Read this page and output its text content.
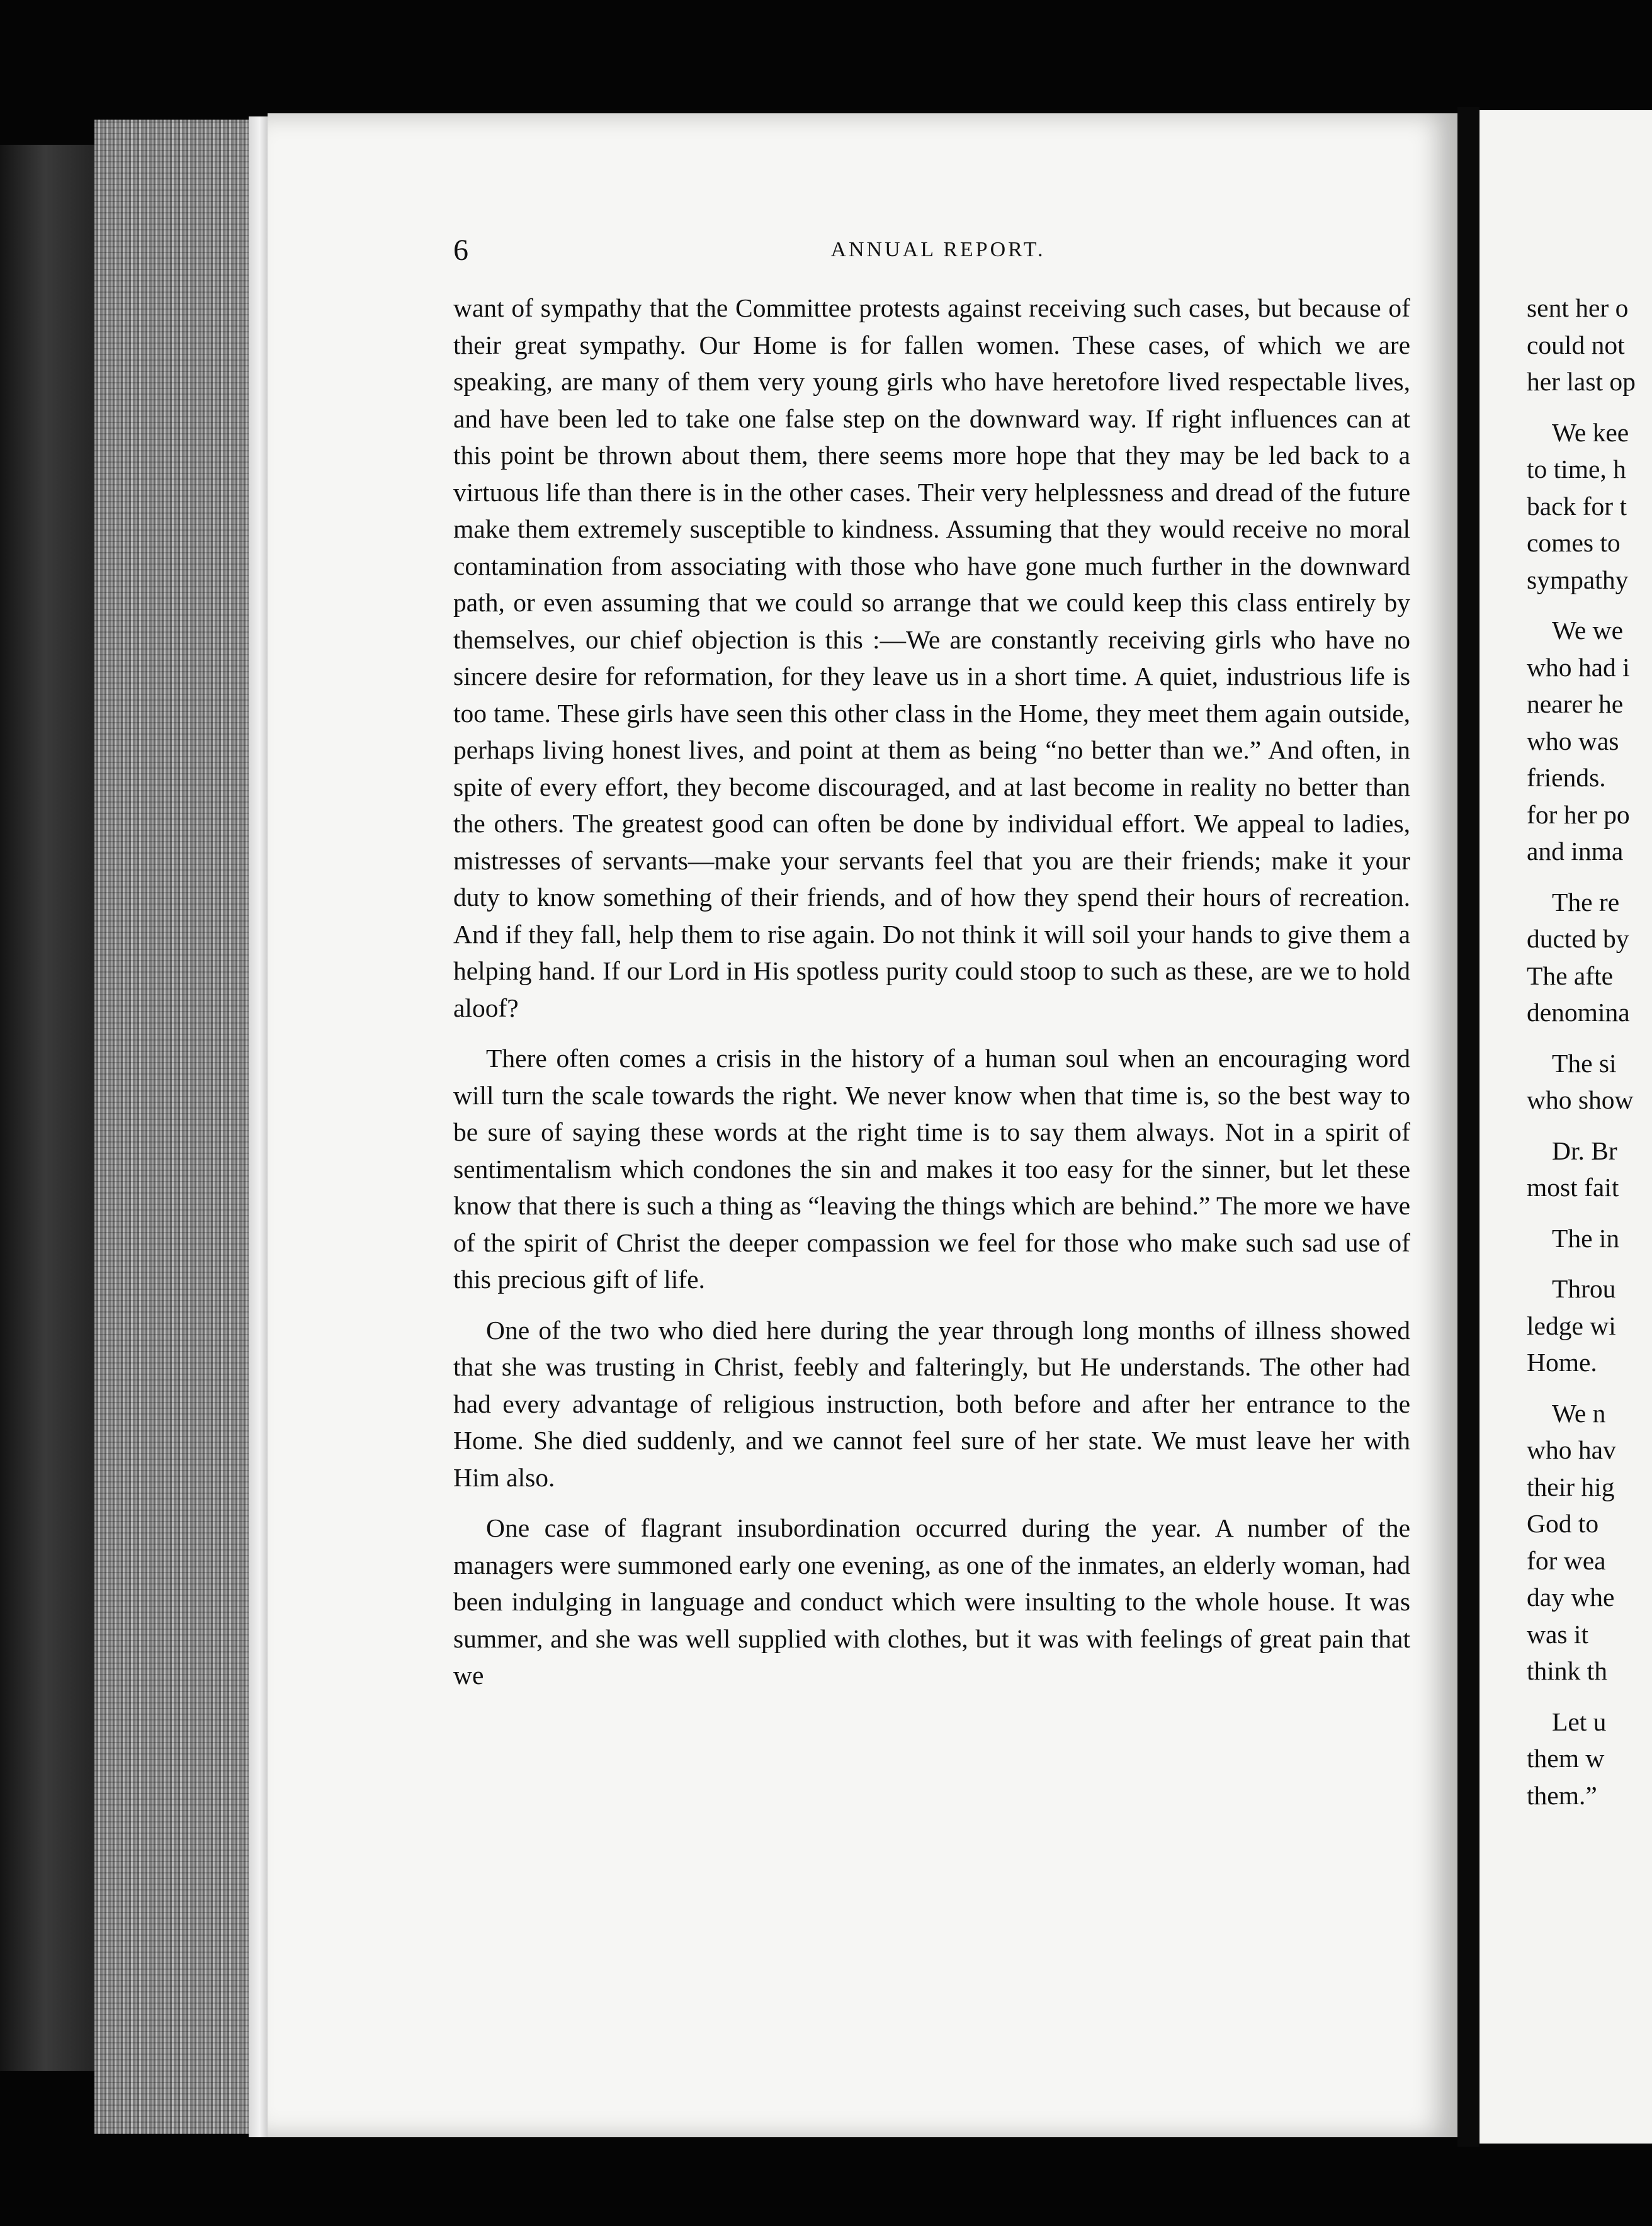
6	ANNUAL REPORT.

want of sympathy that the Committee protests against receiving such cases, but because of their great sympathy. Our Home is for fallen women. These cases, of which we are speaking, are many of them very young girls who have heretofore lived respectable lives, and have been led to take one false step on the downward way. If right influences can at this point be thrown about them, there seems more hope that they may be led back to a virtuous life than there is in the other cases. Their very helplessness and dread of the future make them extremely susceptible to kindness. Assuming that they would receive no moral contamination from associating with those who have gone much further in the downward path, or even assuming that we could so arrange that we could keep this class entirely by themselves, our chief objection is this :—We are constantly receiving girls who have no sincere desire for reformation, for they leave us in a short time. A quiet, industrious life is too tame. These girls have seen this other class in the Home, they meet them again outside, perhaps living honest lives, and point at them as being “no better than we.” And often, in spite of every effort, they become discouraged, and at last become in reality no better than the others. The greatest good can often be done by individual effort. We appeal to ladies, mistresses of servants—make your servants feel that you are their friends; make it your duty to know something of their friends, and of how they spend their hours of recreation. And if they fall, help them to rise again. Do not think it will soil your hands to give them a helping hand. If our Lord in His spotless purity could stoop to such as these, are we to hold aloof?

There often comes a crisis in the history of a human soul when an encouraging word will turn the scale towards the right. We never know when that time is, so the best way to be sure of saying these words at the right time is to say them always. Not in a spirit of sentimentalism which condones the sin and makes it too easy for the sinner, but let these know that there is such a thing as “leaving the things which are behind.” The more we have of the spirit of Christ the deeper compassion we feel for those who make such sad use of this precious gift of life.

One of the two who died here during the year through long months of illness showed that she was trusting in Christ, feebly and falteringly, but He understands. The other had had every advantage of religious instruction, both before and after her entrance to the Home. She died suddenly, and we cannot feel sure of her state. We must leave her with Him also.

One case of flagrant insubordination occurred during the year. A number of the managers were summoned early one evening, as one of the inmates, an elderly woman, had been indulging in language and conduct which were insulting to the whole house. It was summer, and she was well supplied with clothes, but it was with feelings of great pain that we

sent her o
could not
her last op

We kee
to time, h
back for t
comes to
sympathy

We we
who had i
nearer he
who was
friends.
for her po
and inma

The re
ducted by
The afte
denomina

The si
who show

Dr. Br
most fait

The in

Throu
ledge wi
Home.

We n
who hav
their hig
God to
for wea
day whe
was it
think th

Let u
them w
them.”
